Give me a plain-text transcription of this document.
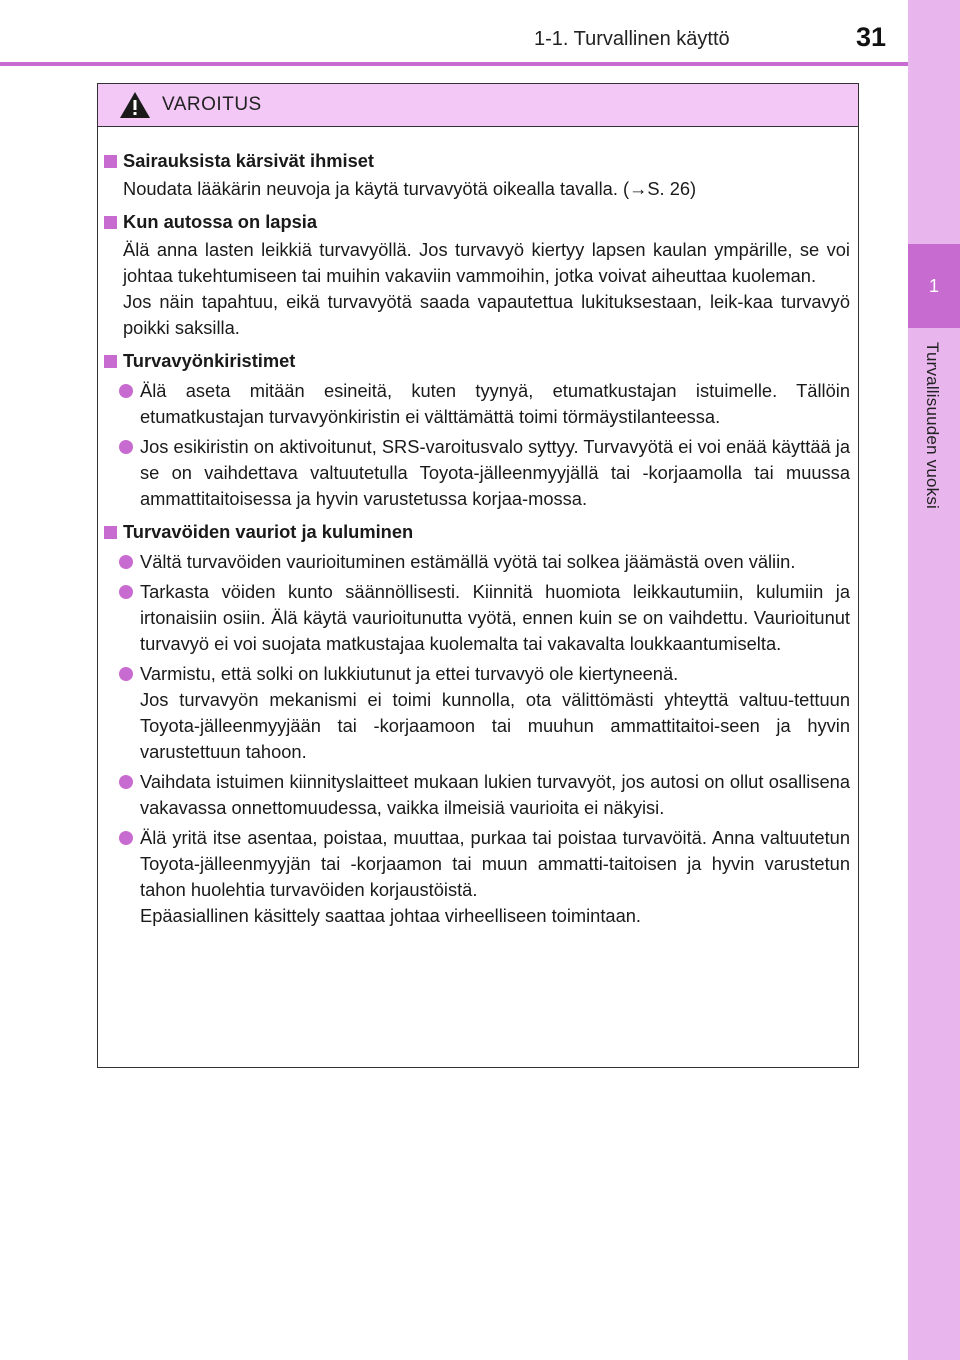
1-1. Turvallinen käyttö	31
1
Turvallisuuden vuoksi
VAROITUS
Sairauksista kärsivät ihmiset
Noudata lääkärin neuvoja ja käytä turvavyötä oikealla tavalla. (→S. 26)
Kun autossa on lapsia
Älä anna lasten leikkiä turvavyöllä. Jos turvavyö kiertyy lapsen kaulan ympärille, se voi johtaa tukehtumiseen tai muihin vakaviin vammoihin, jotka voivat aiheuttaa kuoleman.
Jos näin tapahtuu, eikä turvavyötä saada vapautettua lukituksestaan, leik-kaa turvavyö poikki saksilla.
Turvavyönkiristimet
Älä aseta mitään esineitä, kuten tyynyä, etumatkustajan istuimelle. Tällöin etumatkustajan turvavyönkiristin ei välttämättä toimi törmäystilanteessa.
Jos esikiristin on aktivoitunut, SRS-varoitusvalo syttyy. Turvavyötä ei voi enää käyttää ja se on vaihdettava valtuutetulla Toyota-jälleenmyyjällä tai -korjaamolla tai muussa ammattitaitoisessa ja hyvin varustetussa korjaa-mossa.
Turvavöiden vauriot ja kuluminen
Vältä turvavöiden vaurioituminen estämällä vyötä tai solkea jäämästä oven väliin.
Tarkasta vöiden kunto säännöllisesti. Kiinnitä huomiota leikkautumiin, kulumiin ja irtonaisiin osiin. Älä käytä vaurioitunutta vyötä, ennen kuin se on vaihdettu. Vaurioitunut turvavyö ei voi suojata matkustajaa kuolemalta tai vakavalta loukkaantumiselta.
Varmistu, että solki on lukkiutunut ja ettei turvavyö ole kiertyneenä.
Jos turvavyön mekanismi ei toimi kunnolla, ota välittömästi yhteyttä valtuu-tettuun Toyota-jälleenmyyjään tai -korjaamoon tai muuhun ammattitaitoi-seen ja hyvin varustettuun tahoon.
Vaihdata istuimen kiinnityslaitteet mukaan lukien turvavyöt, jos autosi on ollut osallisena vakavassa onnettomuudessa, vaikka ilmeisiä vaurioita ei näkyisi.
Älä yritä itse asentaa, poistaa, muuttaa, purkaa tai poistaa turvavöitä. Anna valtuutetun Toyota-jälleenmyyjän tai -korjaamon tai muun ammatti-taitoisen ja hyvin varustetun tahon huolehtia turvavöiden korjaustöistä.
Epäasiallinen käsittely saattaa johtaa virheelliseen toimintaan.
